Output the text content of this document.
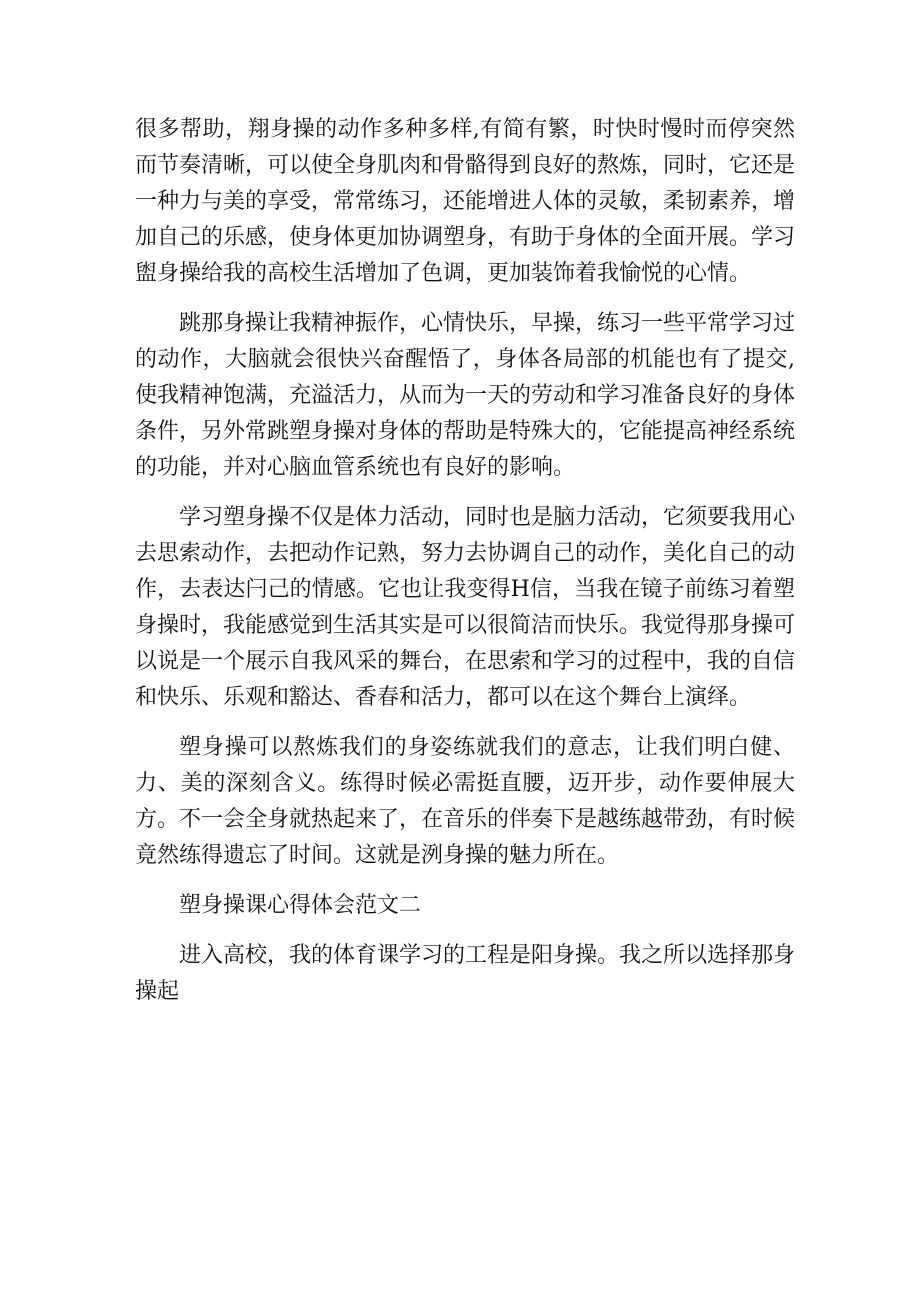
很多帮助，翔身操的动作多种多样,有简有繁，时快时慢时而停突然而节奏清晰，可以使全身肌肉和骨骼得到良好的熬炼，同时，它还是一种力与美的享受，常常练习，还能增进人体的灵敏，柔韧素养，增加自己的乐感，使身体更加协调塑身，有助于身体的全面开展。学习盥身操给我的高校生活增加了色调，更加装饰着我愉悦的心情。

跳那身操让我精神振作，心情快乐，早操，练习一些平常学习过的动作，大脑就会很快兴奋醒悟了，身体各局部的机能也有了提交,使我精神饱满，充溢活力，从而为一天的劳动和学习准备良好的身体条件，另外常跳塑身操对身体的帮助是特殊大的，它能提高神经系统的功能，并对心脑血管系统也有良好的影响。

学习塑身操不仅是体力活动，同时也是脑力活动，它须要我用心去思索动作，去把动作记熟，努力去协调自己的动作，美化自己的动作，去表达闩己的情感。它也让我变得H信，当我在镜子前练习着塑身操时，我能感觉到生活其实是可以很简洁而快乐。我觉得那身操可以说是一个展示自我风采的舞台，在思索和学习的过程中，我的自信和快乐、乐观和豁达、香春和活力，都可以在这个舞台上演绎。

塑身操可以熬炼我们的身姿练就我们的意志，让我们明白健、力、美的深刻含义。练得时候必需挺直腰，迈开步，动作要伸展大方。不一会全身就热起来了，在音乐的伴奏下是越练越带劲，有时候竟然练得遗忘了时间。这就是洌身操的魅力所在。

塑身操课心得体会范文二

进入高校，我的体育课学习的工程是阳身操。我之所以选择那身操起
